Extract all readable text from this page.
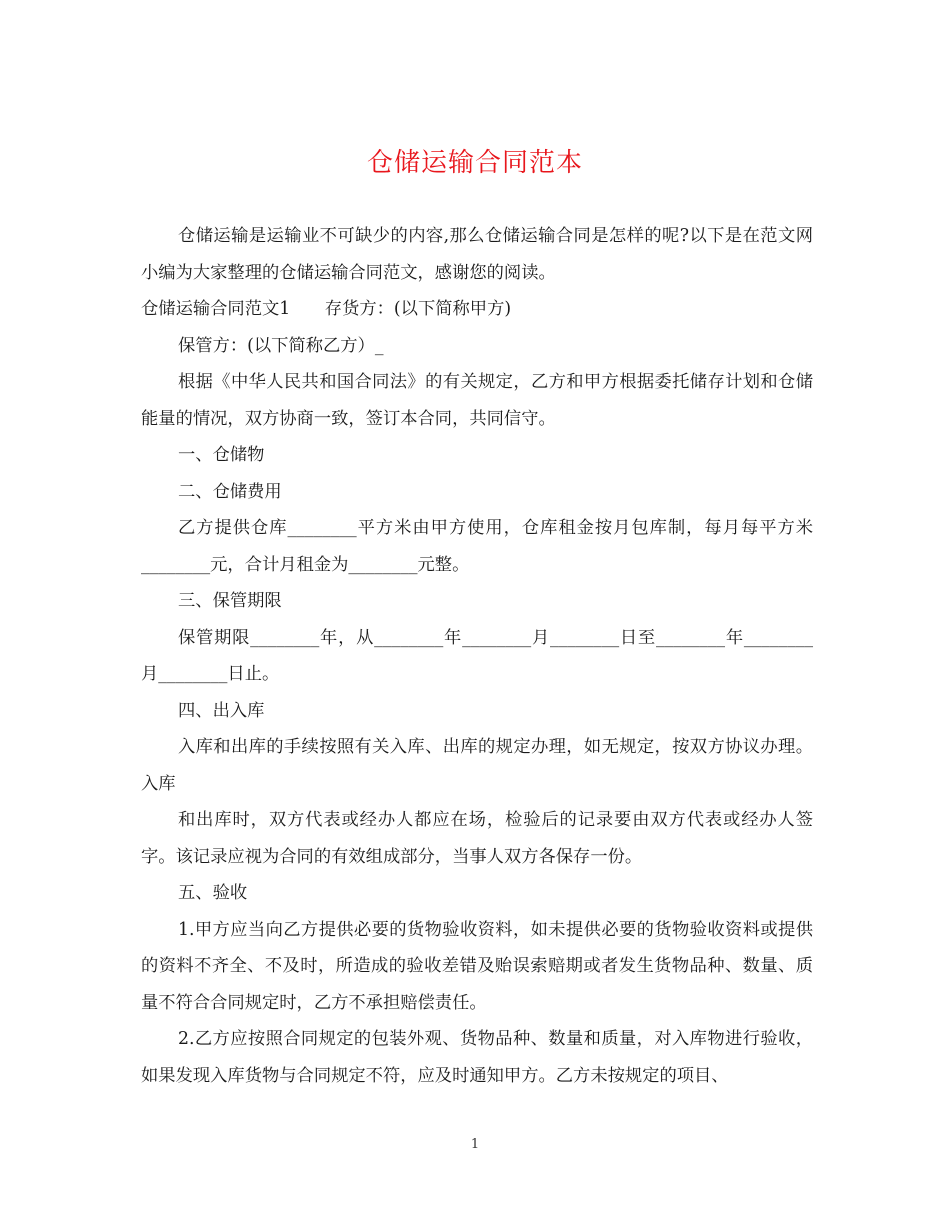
仓储运输合同范本

仓储运输是运输业不可缺少的内容,那么仓储运输合同是怎样的呢?以下是在范文网小编为大家整理的仓储运输合同范文，感谢您的阅读。

仓储运输合同范文1　　存货方：(以下简称甲方)

保管方：(以下简称乙方）_

根据《中华人民共和国合同法》的有关规定，乙方和甲方根据委托储存计划和仓储能量的情况，双方协商一致，签订本合同，共同信守。

一、仓储物

二、仓储费用

乙方提供仓库________平方米由甲方使用，仓库租金按月包库制，每月每平方米________元，合计月租金为________元整。

三、保管期限

保管期限________年，从________年________月________日至________年________月________日止。

四、出入库

入库和出库的手续按照有关入库、出库的规定办理，如无规定，按双方协议办理。入库

和出库时，双方代表或经办人都应在场，检验后的记录要由双方代表或经办人签字。该记录应视为合同的有效组成部分，当事人双方各保存一份。

五、验收

1.甲方应当向乙方提供必要的货物验收资料，如未提供必要的货物验收资料或提供的资料不齐全、不及时，所造成的验收差错及贻误索赔期或者发生货物品种、数量、质量不符合合同规定时，乙方不承担赔偿责任。

2.乙方应按照合同规定的包装外观、货物品种、数量和质量，对入库物进行验收，如果发现入库货物与合同规定不符，应及时通知甲方。乙方未按规定的项目、

1
